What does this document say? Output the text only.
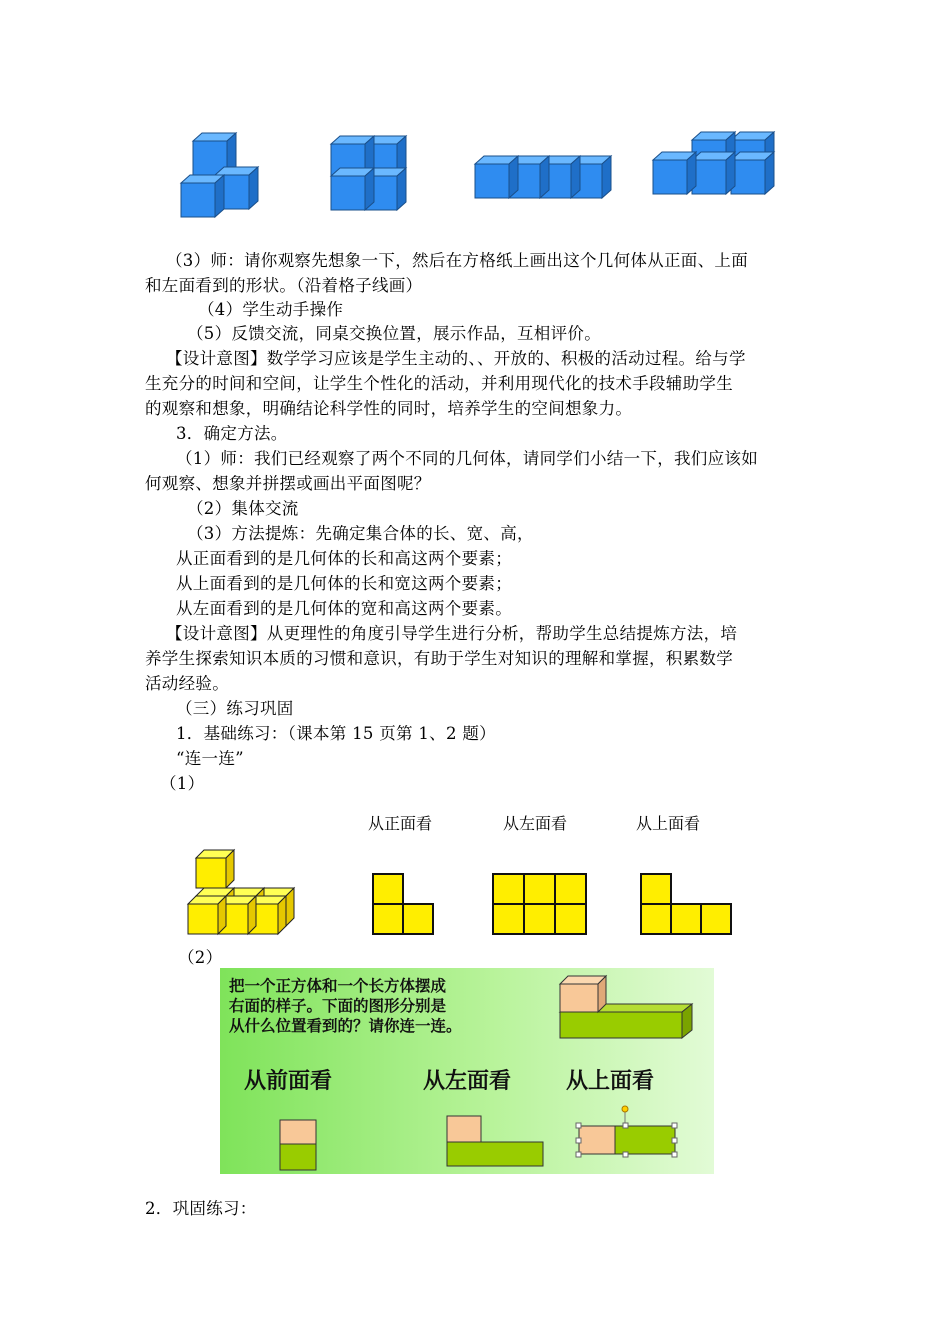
（3）师：请你观察先想象一下，然后在方格纸上画出这个几何体从正面、上面
和左面看到的形状。（沿着格子线画）
（4）学生动手操作
（5）反馈交流，同桌交换位置，展示作品，互相评价。
【设计意图】数学学习应该是学生主动的、、开放的、积极的活动过程。给与学
生充分的时间和空间，让学生个性化的活动，并利用现代化的技术手段辅助学生
的观察和想象，明确结论科学性的同时，培养学生的空间想象力。
3．确定方法。
（1）师：我们已经观察了两个不同的几何体，请同学们小结一下，我们应该如
何观察、想象并拼摆或画出平面图呢？
（2）集体交流
（3）方法提炼：先确定集合体的长、宽、高，
从正面看到的是几何体的长和高这两个要素；
从上面看到的是几何体的长和宽这两个要素；
从左面看到的是几何体的宽和高这两个要素。
【设计意图】从更理性的角度引导学生进行分析，帮助学生总结提炼方法，培
养学生探索知识本质的习惯和意识，有助于学生对知识的理解和掌握，积累数学
活动经验。
（三）练习巩固
1．基础练习：（课本第 15 页第 1、2 题）
“连一连”
（1）
从正面看	从左面看	从上面看
（2）
把一个正方体和一个长方体摆成
右面的样子。下面的图形分别是
从什么位置看到的？请你连一连。
从前面看	从左面看 从上面看
2．巩固练习：
